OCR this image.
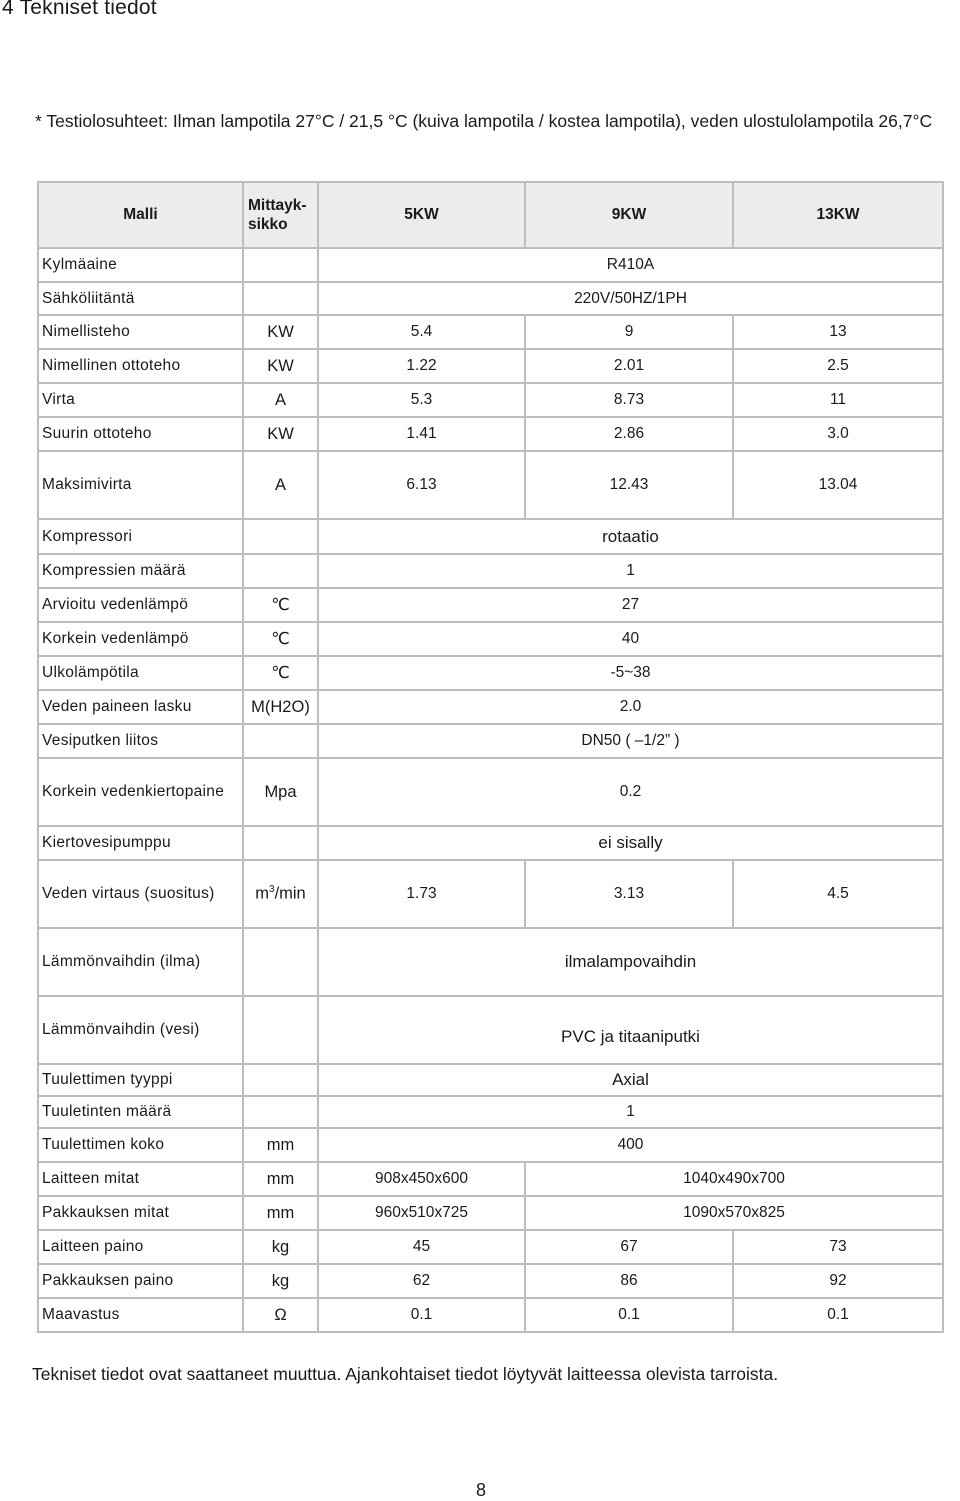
4 Tekniset tiedot
* Testiolosuhteet: Ilman lampotila 27°C / 21,5 °C (kuiva lampotila / kostea lampotila), veden ulostulolampotila 26,7°C
Malli	Mittayk-sikko	5KW	9KW	13KW
Kylmäaine		R410A		
Sähköliitäntä		220V/50HZ/1PH		
Nimellisteho	KW	5.4	9	13
Nimellinen ottoteho	KW	1.22	2.01	2.5
Virta	A	5.3	8.73	11
Suurin ottoteho	KW	1.41	2.86	3.0
Maksimivirta	A	6.13	12.43	13.04
Kompressori		rotaatio		
Kompressien määrä		1		
Arvioitu vedenlämpö	℃	27		
Korkein vedenlämpö	℃	40		
Ulkolämpötila	℃	-5~38		
Veden paineen lasku	M(H2O)	2.0		
Vesiputken liitos		DN50 ( –1/2” )		
Korkein vedenkiertopaine	Mpa	0.2		
Kiertovesipumppu		ei sisally		
Veden virtaus (suositus)	$m^3/\min$	1.73	3.13	4.5
Lämmönvaihdin (ilma)		ilmalampovaihdin		
Lämmönvaihdin (vesi)		PVC ja titaaniputki		
Tuulettimen tyyppi		Axial		
Tuuletinten määrä		1		
Tuulettimen koko	mm	400		
Laitteen mitat	mm	908x450x600	1040x490x700	
Pakkauksen mitat	mm	960x510x725	1090x570x825	
Laitteen paino	kg	45	67	73
Pakkauksen paino	kg	62	86	92
Maavastus	Ω	0.1	0.1	0.1
Tekniset tiedot ovat saattaneet muuttua. Ajankohtaiset tiedot löytyvät laitteessa olevista tarroista.
8
